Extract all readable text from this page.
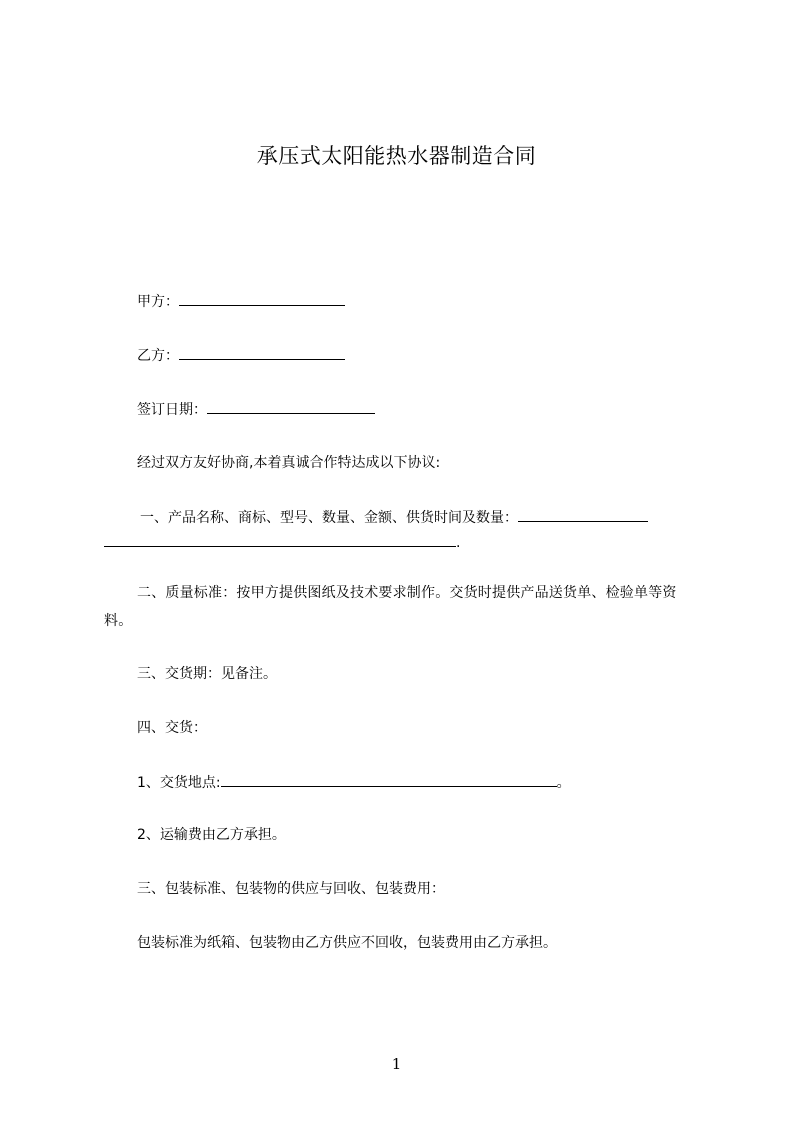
承压式太阳能热水器制造合同
甲方：
乙方：
签订日期：
经过双方友好协商,本着真诚合作特达成以下协议:
一、产品名称、商标、型号、数量、金额、供货时间及数量：
.
二、质量标准：按甲方提供图纸及技术要求制作。交货时提供产品送货单、检验单等资料。
三、交货期：见备注。
四、交货：
1、交货地点:	。
2、运输费由乙方承担。
三、包装标准、包装物的供应与回收、包装费用：
包装标准为纸箱、包装物由乙方供应不回收，包装费用由乙方承担。
1
